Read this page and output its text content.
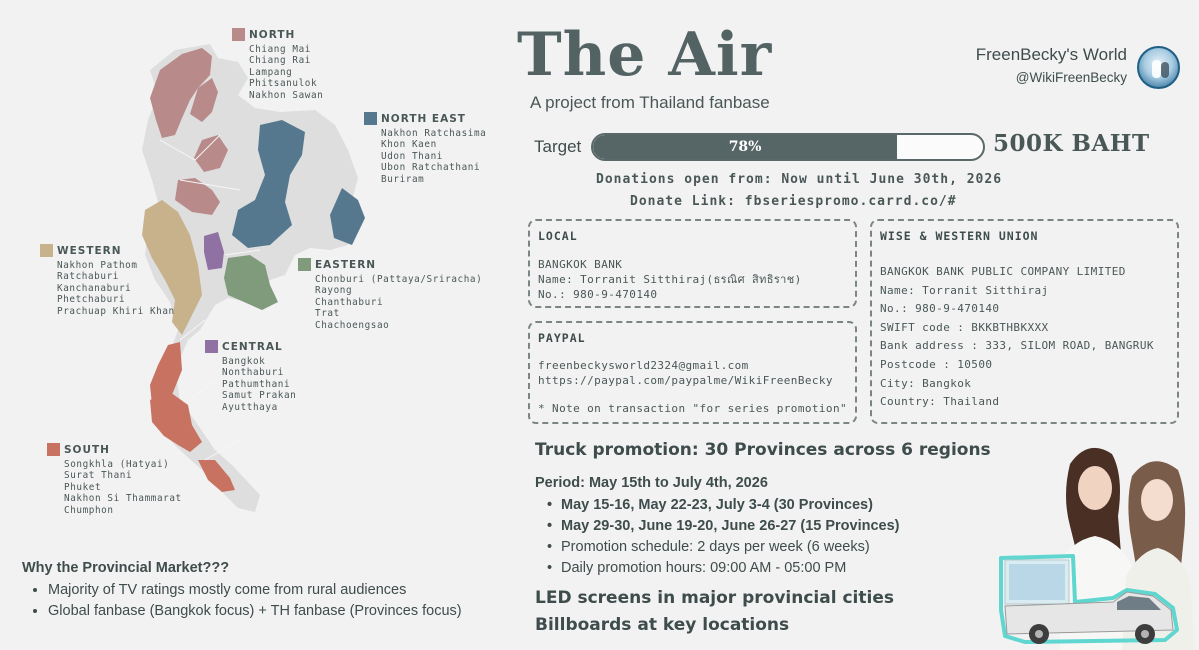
NORTH
Chiang Mai
Chiang Rai
Lampang
Phitsanulok
Nakhon Sawan
NORTH EAST
Nakhon Ratchasima
Khon Kaen
Udon Thani
Ubon Ratchathani
Buriram
WESTERN
Nakhon Pathom
Ratchaburi
Kanchanaburi
Phetchaburi
Prachuap Khiri Khan
EASTERN
Chonburi (Pattaya/Sriracha)
Rayong
Chanthaburi
Trat
Chachoengsao
CENTRAL
Bangkok
Nonthaburi
Pathumthani
Samut Prakan
Ayutthaya
SOUTH
Songkhla (Hatyai)
Surat Thani
Phuket
Nakhon Si Thammarat
Chumphon
Why the Provincial Market???
• Majority of TV ratings mostly come from rural audiences
• Global fanbase (Bangkok focus) + TH fanbase (Provinces focus)
The Air
A project from Thailand fanbase
FreenBecky's World
@WikiFreenBecky
Target	78%	500K BAHT
Donations open from: Now until June 30th, 2026
Donate Link: fbseriespromo.carrd.co/#
LOCAL
BANGKOK BANK
Name: Torranit Sitthiraj(ธรณิศ สิทธิราช)
No.: 980-9-470140
PAYPAL
freenbeckysworld2324@gmail.com
https://paypal.com/paypalme/WikiFreenBecky
* Note on transaction "for series promotion"
WISE & WESTERN UNION
BANGKOK BANK PUBLIC COMPANY LIMITED
Name: Torranit Sitthiraj
No.: 980-9-470140
SWIFT code : BKKBTHBKXXX
Bank address : 333, SILOM ROAD, BANGRUK
Postcode : 10500
City: Bangkok
Country: Thailand
Truck promotion: 30 Provinces across 6 regions
Period: May 15th to July 4th, 2026
• May 15-16, May 22-23, July 3-4 (30 Provinces)
• May 29-30, June 19-20, June 26-27 (15 Provinces)
• Promotion schedule: 2 days per week (6 weeks)
• Daily promotion hours: 09:00 AM - 05:00 PM
LED screens in major provincial cities
Billboards at key locations
